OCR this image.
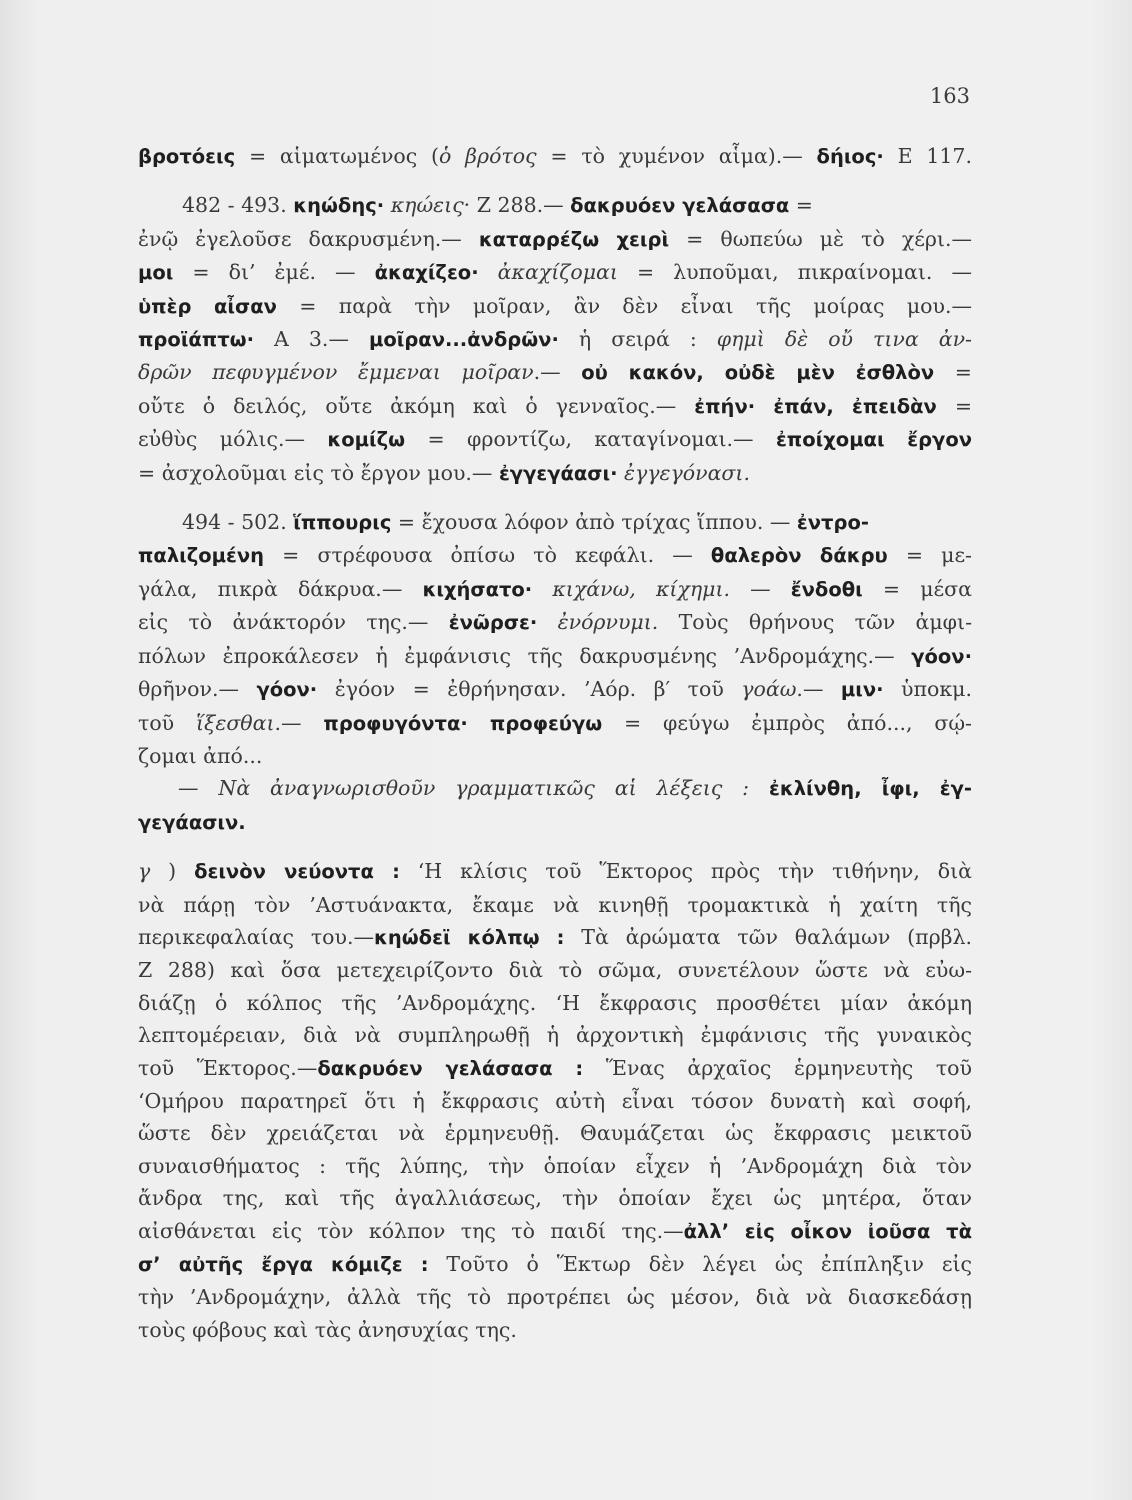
163
βροτόεις = αἱματωμένος (ὁ βρότος = τὸ χυμένον αἷμα).— δήιος· Ε 117.
482 - 493. κηώδης· κηώεις· Ζ 288.— δακρυόεν γελάσασα =
ἐνῷ ἐγελοῦσε δακρυσμένη.— καταρρέζω χειρὶ = θωπεύω μὲ τὸ χέρι.—
μοι = δι’ ἐμέ. — ἀκαχίζεο· ἀκαχίζομαι = λυποῦμαι, πικραίνομαι. —
ὑπὲρ αἶσαν = παρὰ τὴν μοῖραν, ἂν δὲν εἶναι τῆς μοίρας μου.—
προϊάπτω· Α 3.— μοῖραν...ἀνδρῶν· ἡ σειρά : φημὶ δὲ οὔ τινα ἀν-
δρῶν πεφυγμένον ἔμμεναι μοῖραν.— οὐ κακόν, οὐδὲ μὲν ἐσθλὸν =
οὔτε ὁ δειλός, οὔτε ἀκόμη καὶ ὁ γενναῖος.— ἐπήν· ἐπάν, ἐπειδὰν =
εὐθὺς μόλις.— κομίζω = φροντίζω, καταγίνομαι.— ἐποίχομαι ἔργον
= ἀσχολοῦμαι εἰς τὸ ἔργον μου.— ἐγγεγάασι· ἐγγεγόνασι.
494 - 502. ἵππουρις = ἔχουσα λόφον ἀπὸ τρίχας ἵππου. — ἐντρο-
παλιζομένη = στρέφουσα ὀπίσω τὸ κεφάλι. — θαλερὸν δάκρυ = με-
γάλα, πικρὰ δάκρυα.— κιχήσατο· κιχάνω, κίχημι. — ἔνδοθι = μέσα
εἰς τὸ ἀνάκτορόν της.— ἐνῶρσε· ἐνόρνυμι. Τοὺς θρήνους τῶν ἀμφι-
πόλων ἐπροκάλεσεν ἡ ἐμφάνισις τῆς δακρυσμένης ’Ανδρομάχης.— γόον·
θρῆνον.— γόον· ἐγόον = ἐθρήνησαν. ’Αόρ. β′ τοῦ γοάω.— μιν· ὑποκμ.
τοῦ ἵξεσθαι.— προφυγόντα· προφεύγω = φεύγω ἐμπρὸς ἀπό..., σῴ-
ζομαι ἀπό...
— Νὰ ἀναγνωρισθοῦν γραμματικῶς αἱ λέξεις : ἐκλίνθη, ἶφι, ἐγ-
γεγάασιν.
γ ) δεινὸν νεύοντα : ‘Η κλίσις τοῦ Ἕκτορος πρὸς τὴν τιθήνην, διὰ
νὰ πάρῃ τὸν ’Αστυάνακτα, ἔκαμε νὰ κινηθῇ τρομακτικὰ ἡ χαίτη τῆς
περικεφαλαίας του.—κηώδεϊ κόλπῳ : Τὰ ἀρώματα τῶν θαλάμων (πρβλ.
Ζ 288) καὶ ὅσα μετεχειρίζοντο διὰ τὸ σῶμα, συνετέλουν ὥστε νὰ εὐω-
διάζῃ ὁ κόλπος τῆς ’Ανδρομάχης. ‘Η ἔκφρασις προσθέτει μίαν ἀκόμη
λεπτομέρειαν, διὰ νὰ συμπληρωθῇ ἡ ἀρχοντικὴ ἐμφάνισις τῆς γυναικὸς
τοῦ Ἕκτορος.—δακρυόεν γελάσασα : Ἕνας ἀρχαῖος ἑρμηνευτὴς τοῦ
‘Ομήρου παρατηρεῖ ὅτι ἡ ἔκφρασις αὐτὴ εἶναι τόσον δυνατὴ καὶ σοφή,
ὥστε δὲν χρειάζεται νὰ ἑρμηνευθῇ. Θαυμάζεται ὡς ἔκφρασις μεικτοῦ
συναισθήματος : τῆς λύπης, τὴν ὁποίαν εἶχεν ἡ ’Ανδρομάχη διὰ τὸν
ἄνδρα της, καὶ τῆς ἀγαλλιάσεως, τὴν ὁποίαν ἔχει ὡς μητέρα, ὅταν
αἰσθάνεται εἰς τὸν κόλπον της τὸ παιδί της.—ἀλλ’ εἰς οἶκον ἰοῦσα τὰ
σ’ αὐτῆς ἔργα κόμιζε : Τοῦτο ὁ Ἕκτωρ δὲν λέγει ὡς ἐπίπληξιν εἰς
τὴν ’Ανδρομάχην, ἀλλὰ τῆς τὸ προτρέπει ὡς μέσον, διὰ νὰ διασκεδάσῃ
τοὺς φόβους καὶ τὰς ἀνησυχίας της.
